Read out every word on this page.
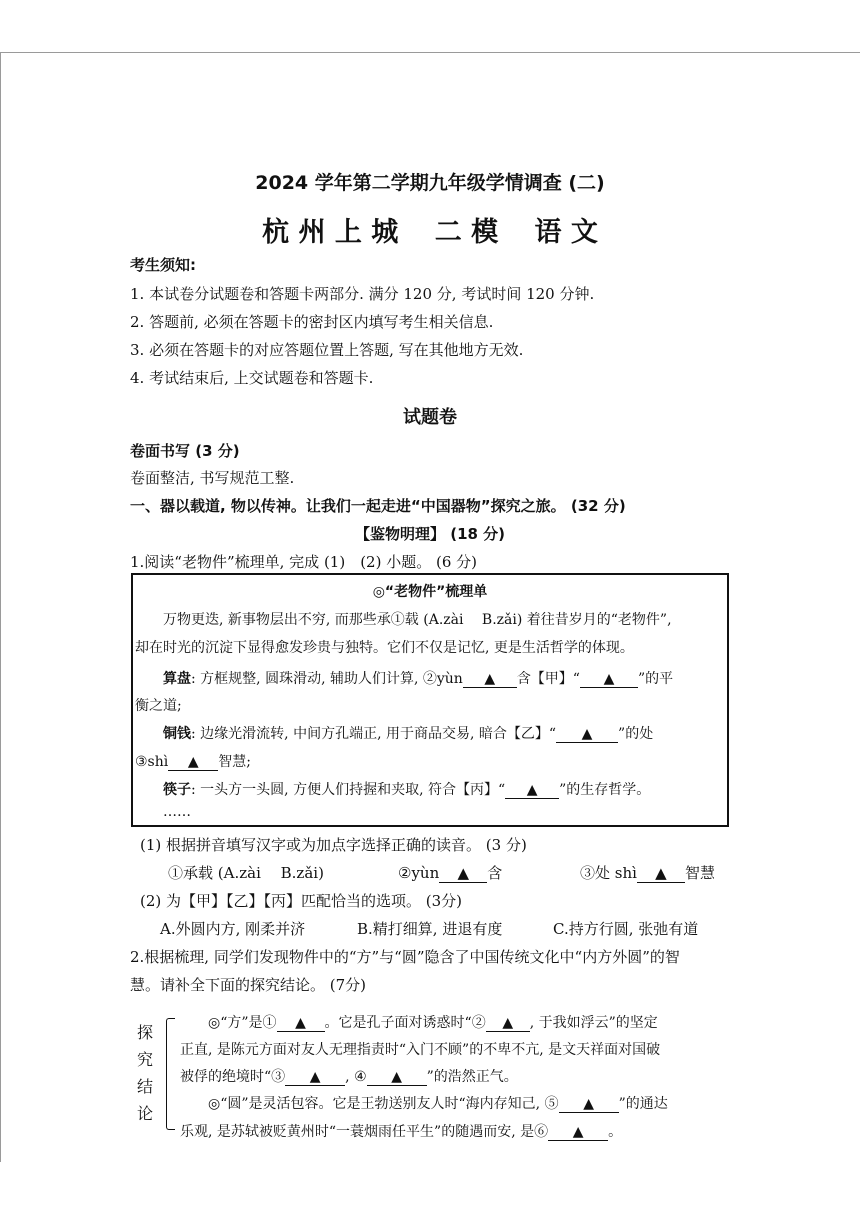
2024 学年第二学期九年级学情调查 (二)
杭 州 上 城　 二 模　 语 文
考生须知:
1. 本试卷分试题卷和答题卡两部分. 满分 120 分, 考试时间 120 分钟.
2. 答题前, 必须在答题卡的密封区内填写考生相关信息.
3. 必须在答题卡的对应答题位置上答题, 写在其他地方无效.
4. 考试结束后, 上交试题卷和答题卡.
试题卷
卷面书写 (3 分)
卷面整洁, 书写规范工整.
一、器以载道, 物以传神。让我们一起走进“中国器物”探究之旅。 (32 分)
【鉴物明理】 (18 分)
1.阅读“老物件”梳理单, 完成 (1)　(2) 小题。 (6 分)
◎“老物件”梳理单
万物更迭, 新事物层出不穷, 而那些承①载 (A.zài　 B.zǎi) 着往昔岁月的“老物件”,
却在时光的沉淀下显得愈发珍贵与独特。它们不仅是记忆, 更是生活哲学的体现。
算盘: 方框规整, 圆珠滑动, 辅助人们计算, ②yùn ▲ 含【甲】“ ▲ ”的平
衡之道;
铜钱: 边缘光滑流转, 中间方孔端正, 用于商品交易, 暗合【乙】“ ▲ ”的处
③shì ▲ 智慧;
筷子: 一头方一头圆, 方便人们持握和夹取, 符合【丙】“ ▲ ”的生存哲学。
……
(1) 根据拼音填写汉字或为加点字选择正确的读音。 (3 分)
①承载 (A.zài　 B.zǎi)	②yùn ▲ 含	③处 shì ▲ 智慧
(2) 为【甲】【乙】【丙】匹配恰当的选项。 (3分)
A.外圆内方, 刚柔并济	B.精打细算, 进退有度	C.持方行圆, 张弛有道
2.根据梳理, 同学们发现物件中的“方”与“圆”隐含了中国传统文化中“内方外圆”的智
慧。请补全下面的探究结论。 (7分)
探
究
结
论
◎“方”是① ▲ 。它是孔子面对诱惑时“② ▲ , 于我如浮云”的坚定
正直, 是陈元方面对友人无理指责时“入门不顾”的不卑不亢, 是文天祥面对国破
被俘的绝境时“③ ▲ , ④ ▲ ”的浩然正气。
◎“圆”是灵活包容。它是王勃送别友人时“海内存知己, ⑤ ▲ ”的通达
乐观, 是苏轼被贬黄州时“一蓑烟雨任平生”的随遇而安, 是⑥ ▲ 。
